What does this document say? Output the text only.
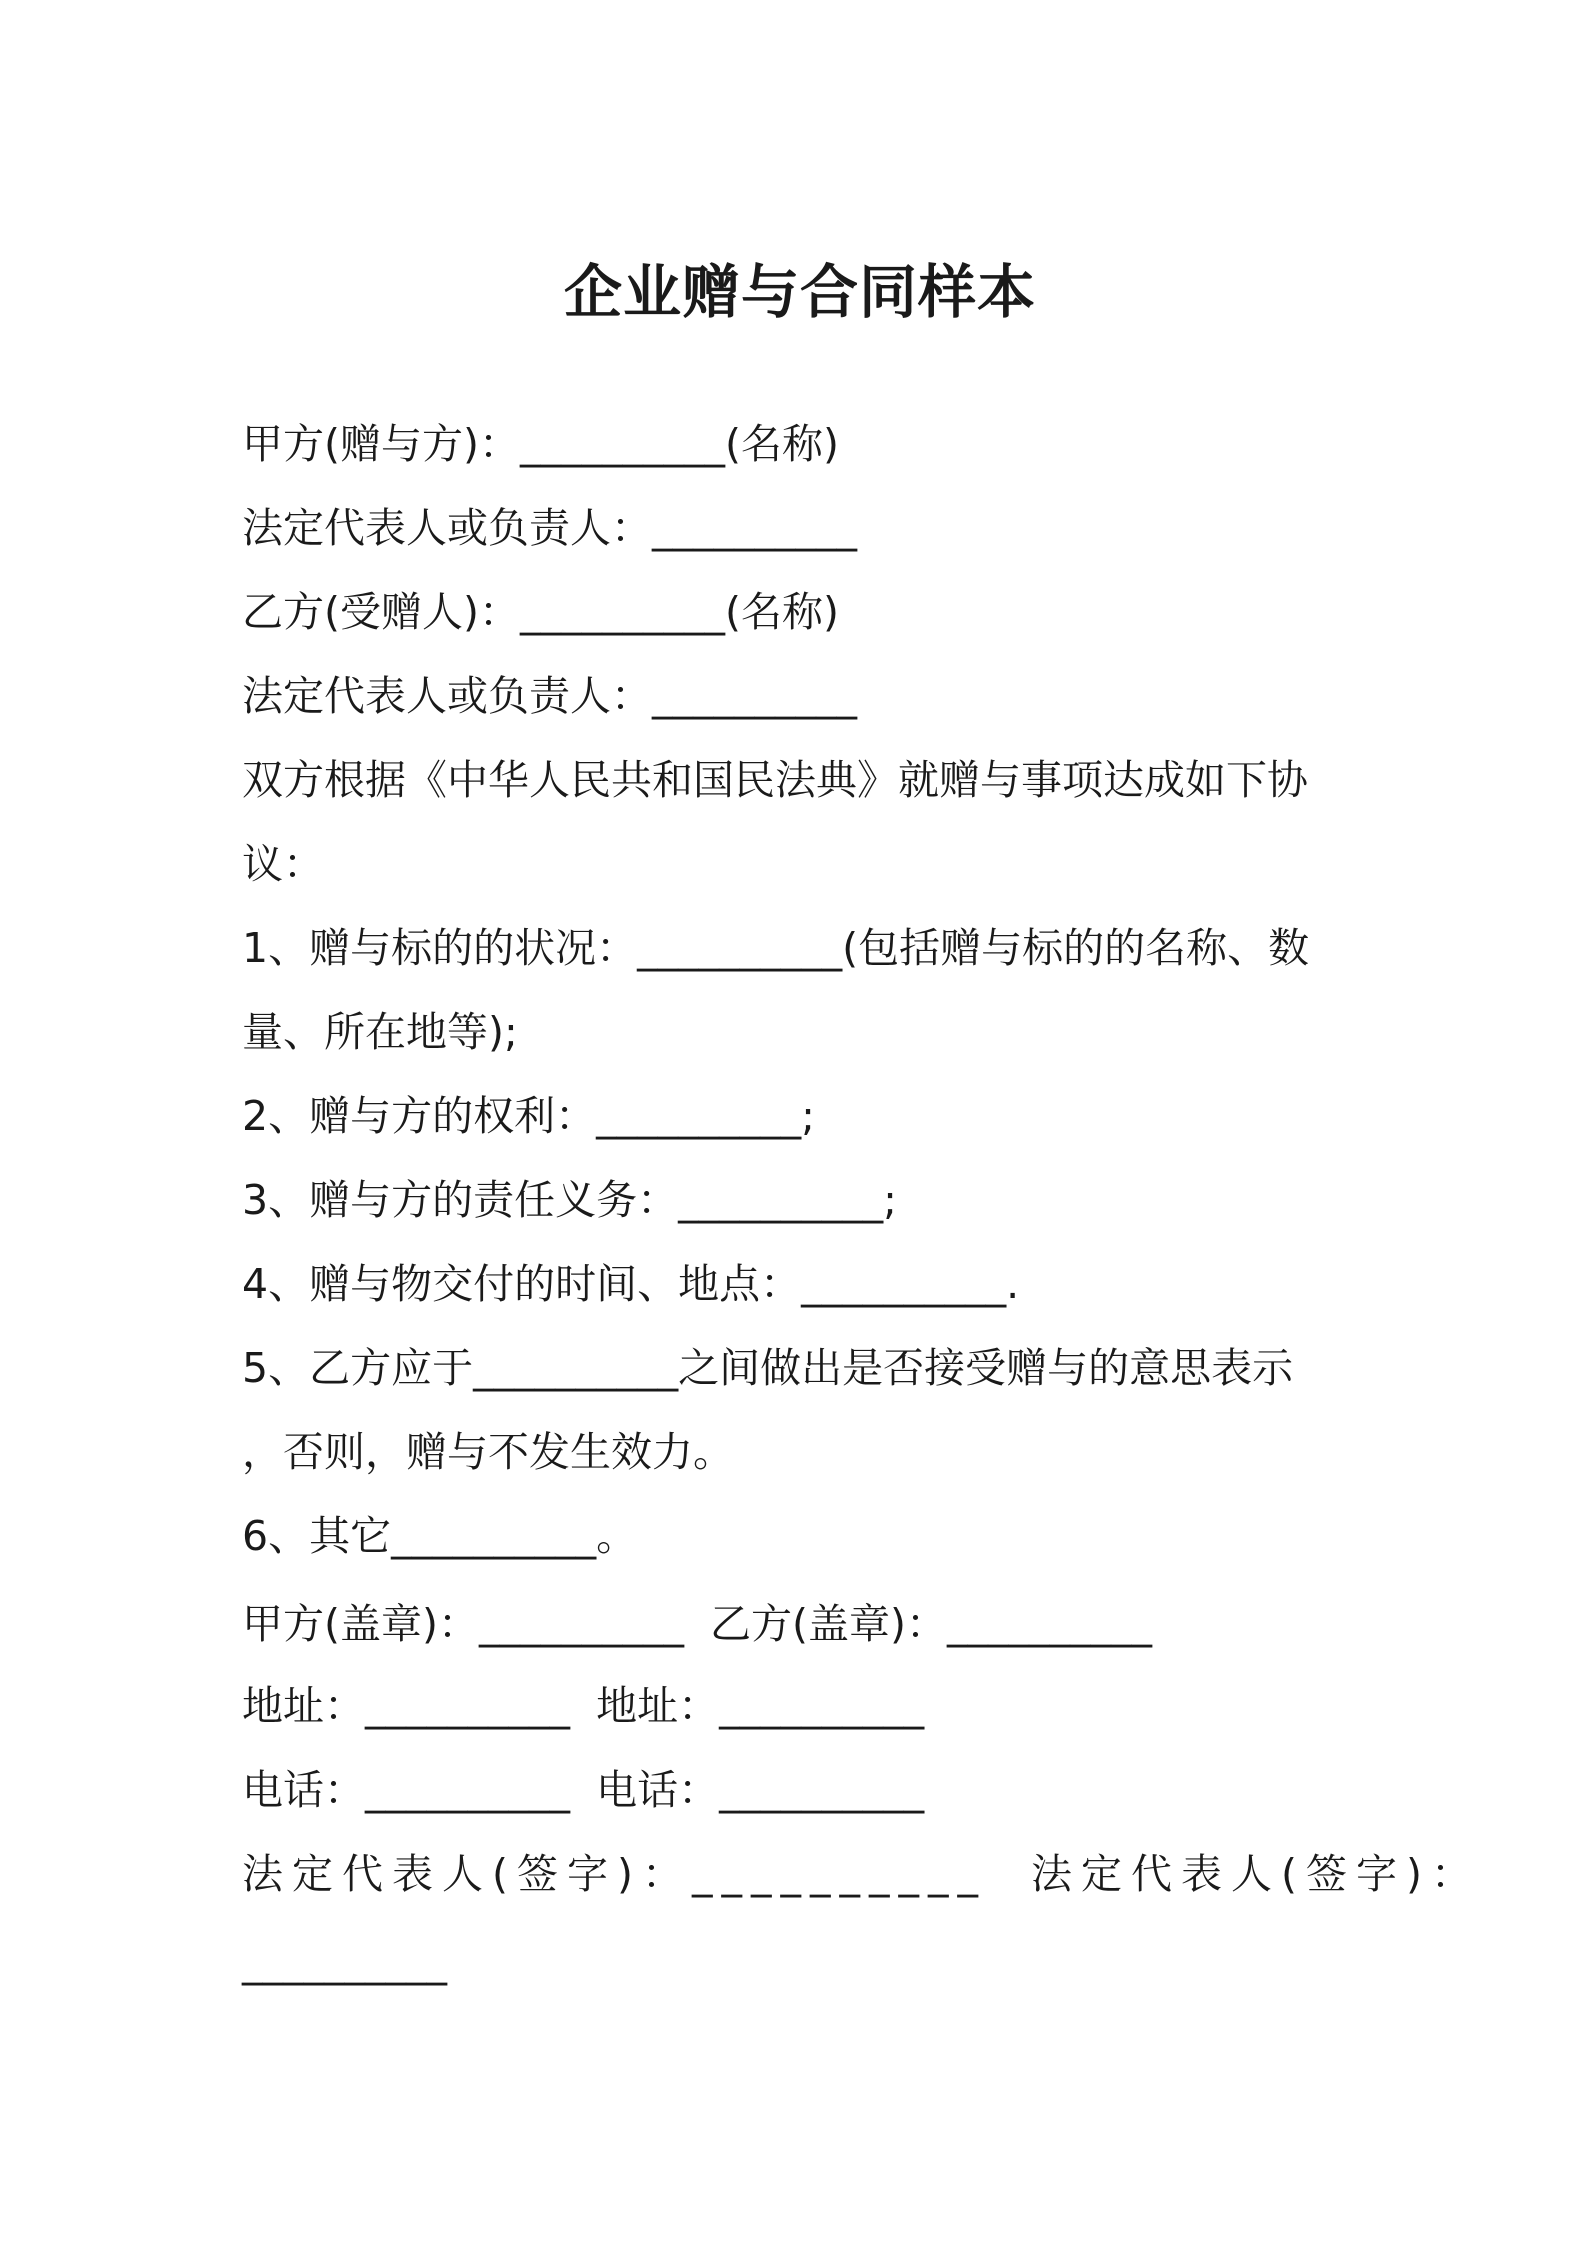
企业赠与合同样本
甲方(赠与方)：__________(名称)
法定代表人或负责人：__________
乙方(受赠人)：__________(名称)
法定代表人或负责人：__________
双方根据《中华人民共和国民法典》就赠与事项达成如下协
议：
1、赠与标的的状况：__________(包括赠与标的的名称、数
量、所在地等);
2、赠与方的权利：__________;
3、赠与方的责任义务：__________;
4、赠与物交付的时间、地点：__________.
5、乙方应于__________之间做出是否接受赠与的意思表示
，否则，赠与不发生效力。
6、其它__________。
甲方(盖章)：__________  乙方(盖章)：__________
地址：__________  地址：__________
电话：__________  电话：__________
法定代表人(签字)：__________  法定代表人(签字)：
__________
